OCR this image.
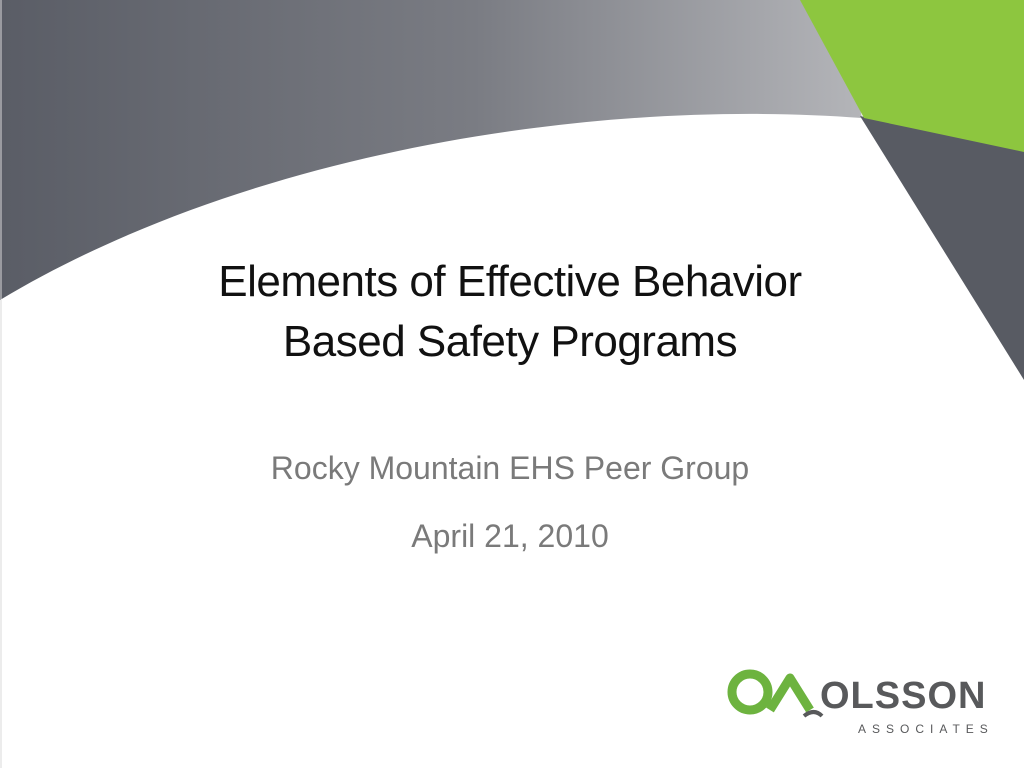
Elements of Effective Behavior
Based Safety Programs
Rocky Mountain EHS Peer Group
April 21, 2010
OLSSON
ASSOCIATES
